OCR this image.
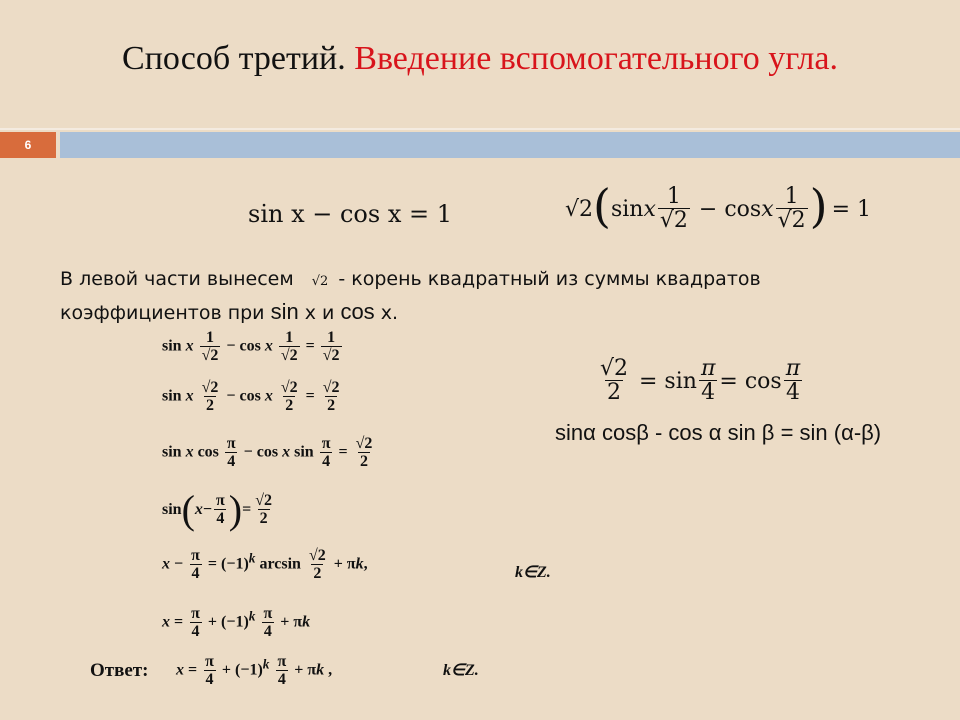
Способ третий. Введение вспомогательного угла.
6
sin x − cos x = 1	√2 ( sinx $\frac{1}{√2} - \cos x \frac{1}{√2}$ ) = 1
В левой части вынесем √2 - корень квадратный из суммы квадратов
коэффициентов при sin x и cos x.
sin x $\frac{1}{√2} - \cos x \frac{1}{√2} = \frac{1}{√2}$
sin x $\frac{√2}{2} - \cos x \frac{√2}{2} = \frac{√2}{2}$
sin x $\cos \frac{\pi}{4} - \cos x$ $\sin \frac{\pi}{4} = \frac{√2}{2}$
sin ( $x - \frac{\pi}{4}$ ) = $\frac{√2}{2}$
$x - \frac{\pi}{4} = (-1)^k$ $\arcsin \frac{√2}{2} + \pi k$,	k∈Z.
$x = \frac{\pi}{4} + (-1)^k \frac{\pi}{4} + \pi k$
Ответ: $x = \frac{\pi}{4} + (-1)^k \frac{\pi}{4} + \pi k$ ,	k∈Z.
$\frac{√2}{2} = \sin \frac{\pi}{4} = \cos \frac{\pi}{4}$
sinα cosβ - cos α sin β = sin (α-β)
